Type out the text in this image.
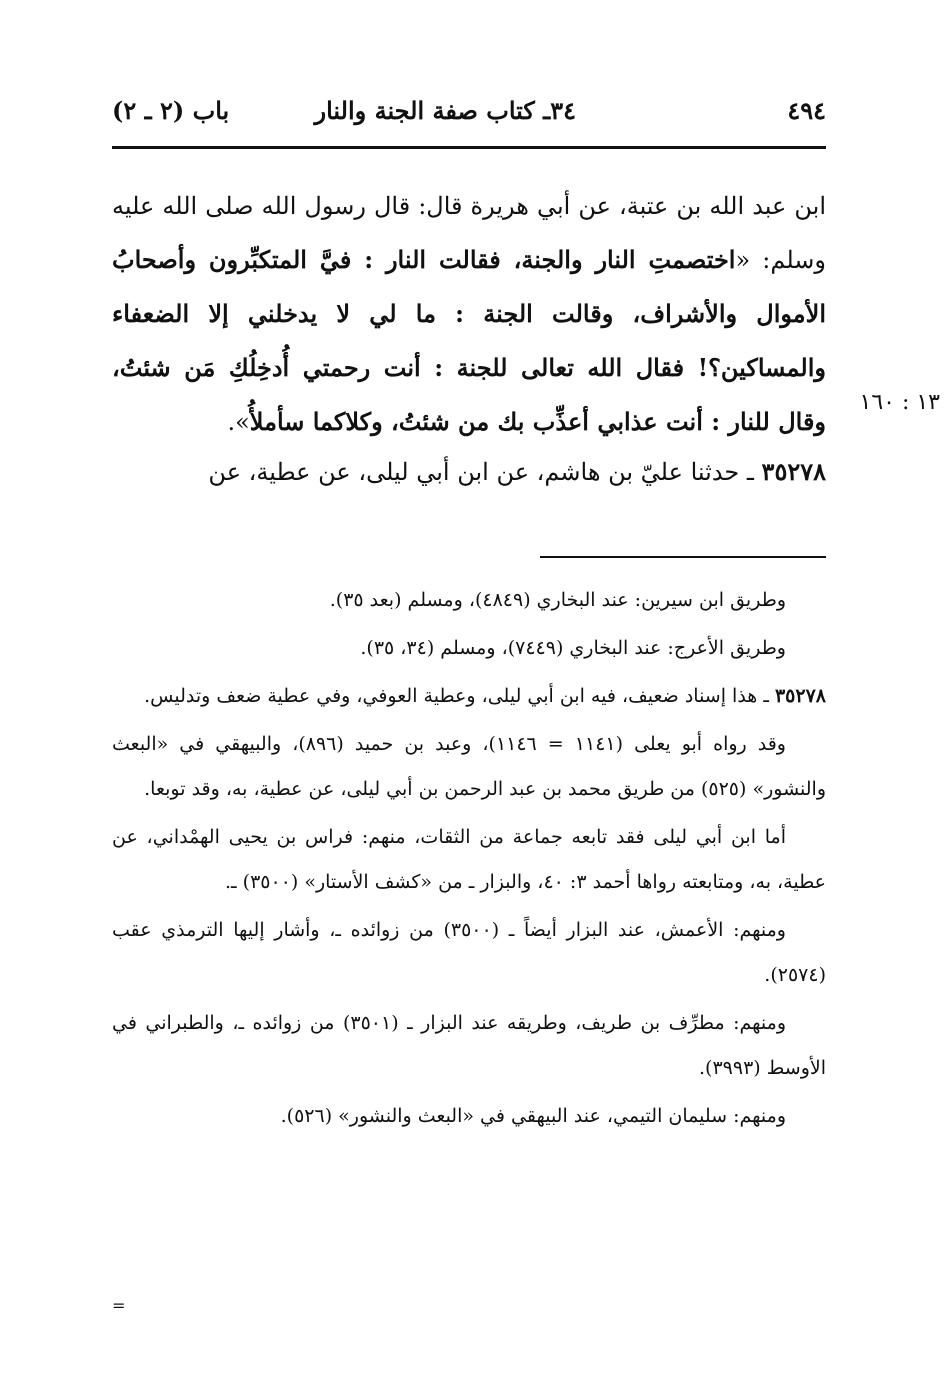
٤٩٤
٣٤ـ كتاب صفة الجنة والنار
باب (٢ ـ ٢)

ابن عبد الله بن عتبة، عن أبي هريرة قال: قال رسول الله صلى الله عليه وسلم: «اختصمتِ النار والجنة، فقالت النار : فيَّ المتكبِّرون وأصحابُ الأموال والأشراف، وقالت الجنة : ما لي لا يدخلني إلا الضعفاء والمساكين؟! فقال الله تعالى للجنة : أنت رحمتي أُدخِلُكِ مَن شئتُ، وقال للنار : أنت عذابي أعذِّب بك من شئتُ، وكلاكما سأملأُ».

١٣ : ١٦٠
٣٥٢٧٨ ـ حدثنا عليّ بن هاشم، عن ابن أبي ليلى، عن عطية، عن

وطريق ابن سيرين: عند البخاري (٤٨٤٩)، ومسلم (بعد ٣٥).

وطريق الأعرج: عند البخاري (٧٤٤٩)، ومسلم (٣٤، ٣٥).

٣٥٢٧٨ ـ هذا إسناد ضعيف، فيه ابن أبي ليلى، وعطية العوفي، وفي عطية ضعف وتدليس.

وقد رواه أبو يعلى (١١٤١ = ١١٤٦)، وعبد بن حميد (٨٩٦)، والبيهقي في «البعث والنشور» (٥٢٥) من طريق محمد بن عبد الرحمن بن أبي ليلى، عن عطية، به، وقد توبعا.

أما ابن أبي ليلى فقد تابعه جماعة من الثقات، منهم: فراس بن يحيى الهمْداني، عن عطية، به، ومتابعته رواها أحمد ٣: ٤٠، والبزار ـ من «كشف الأستار» (٣٥٠٠) ـ.

ومنهم: الأعمش، عند البزار أيضاً ـ (٣٥٠٠) من زوائده ـ، وأشار إليها الترمذي عقب (٢٥٧٤).

ومنهم: مطرِّف بن طريف، وطريقه عند البزار ـ (٣٥٠١) من زوائده ـ، والطبراني في الأوسط (٣٩٩٣).

ومنهم: سليمان التيمي، عند البيهقي في «البعث والنشور» (٥٢٦).

=
